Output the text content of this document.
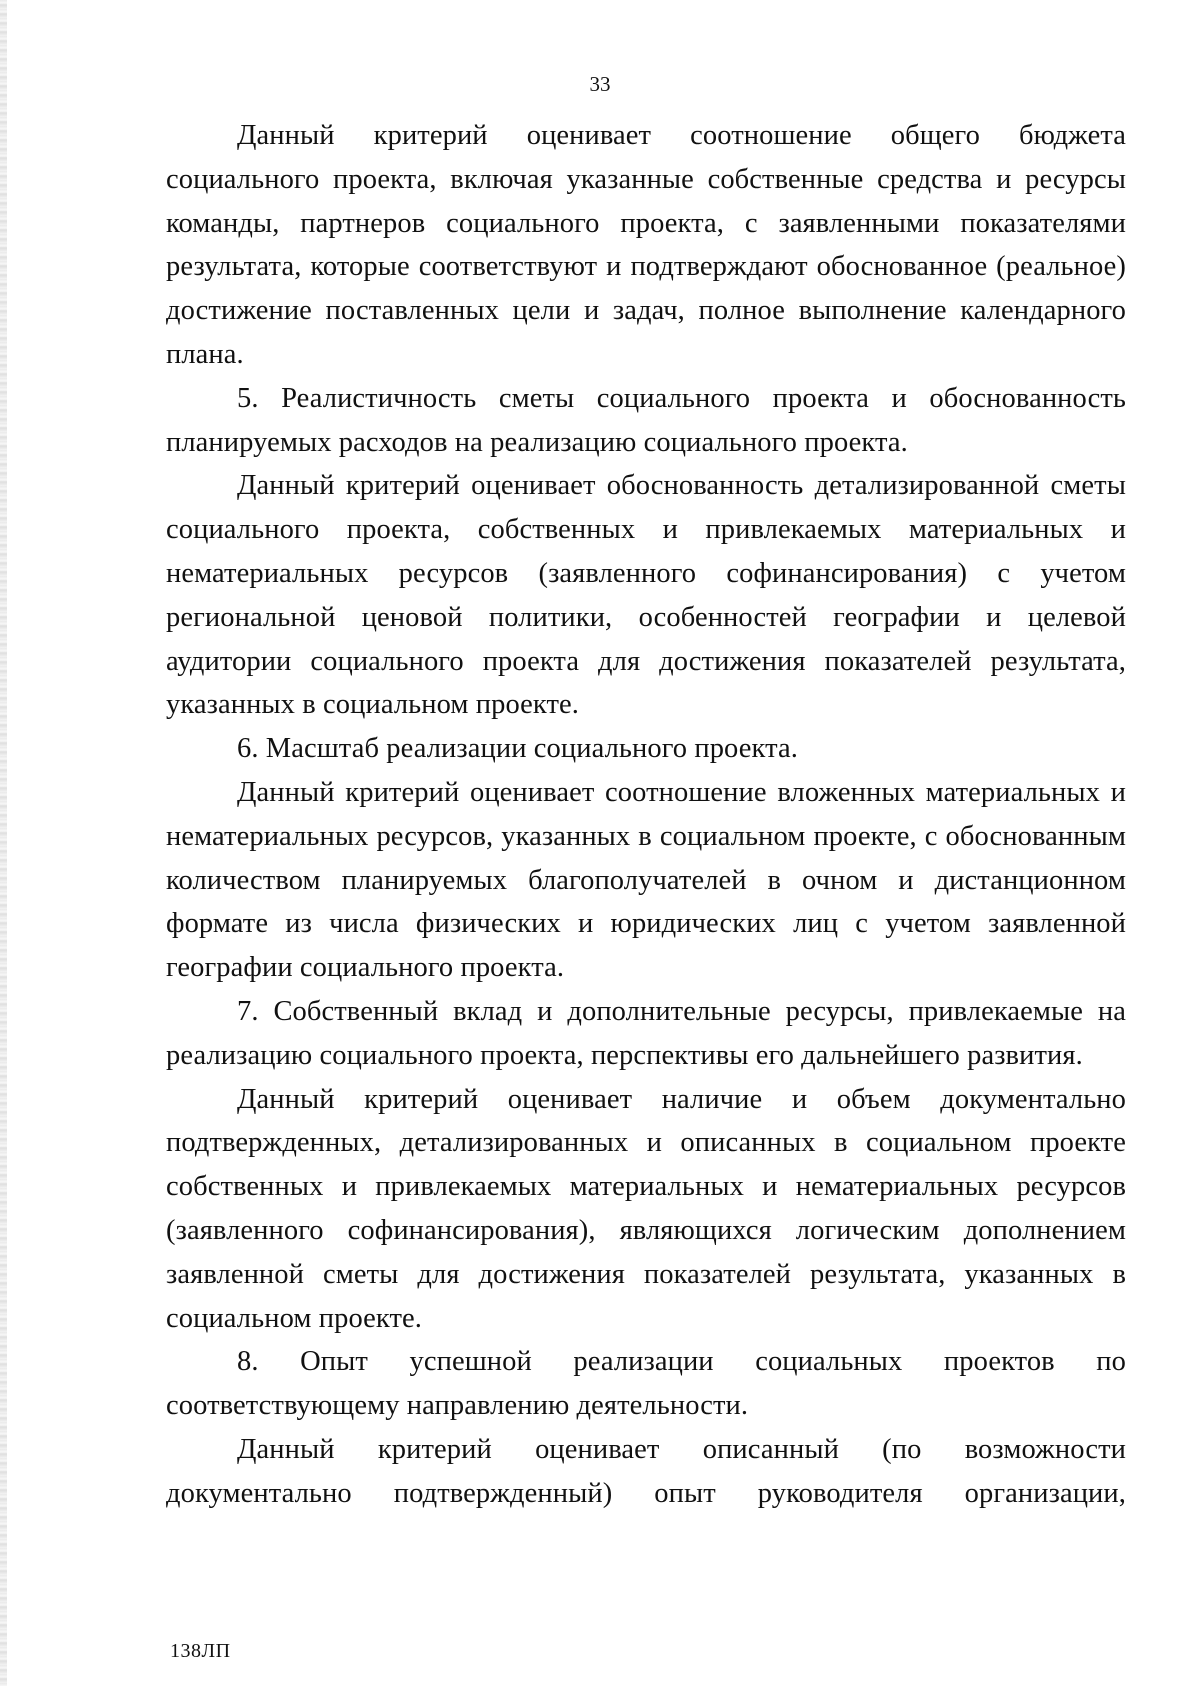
33

Данный критерий оценивает соотношение общего бюджета социального проекта, включая указанные собственные средства и ресурсы команды, партнеров социального проекта, с заявленными показателями результата, которые соответствуют и подтверждают обоснованное (реальное) достижение поставленных цели и задач, полное выполнение календарного плана.

5. Реалистичность сметы социального проекта и обоснованность планируемых расходов на реализацию социального проекта.

Данный критерий оценивает обоснованность детализированной сметы социального проекта, собственных и привлекаемых материальных и нематериальных ресурсов (заявленного софинансирования) с учетом региональной ценовой политики, особенностей географии и целевой аудитории социального проекта для достижения показателей результата, указанных в социальном проекте.

6. Масштаб реализации социального проекта.

Данный критерий оценивает соотношение вложенных материальных и нематериальных ресурсов, указанных в социальном проекте, с обоснованным количеством планируемых благополучателей в очном и дистанционном формате из числа физических и юридических лиц с учетом заявленной географии социального проекта.

7. Собственный вклад и дополнительные ресурсы, привлекаемые на реализацию социального проекта, перспективы его дальнейшего развития.

Данный критерий оценивает наличие и объем документально подтвержденных, детализированных и описанных в социальном проекте собственных и привлекаемых материальных и нематериальных ресурсов (заявленного софинансирования), являющихся логическим дополнением заявленной сметы для достижения показателей результата, указанных в социальном проекте.

8. Опыт успешной реализации социальных проектов по соответствующему направлению деятельности.

Данный критерий оценивает описанный (по возможности документально подтвержденный) опыт руководителя организации,

138ЛП
